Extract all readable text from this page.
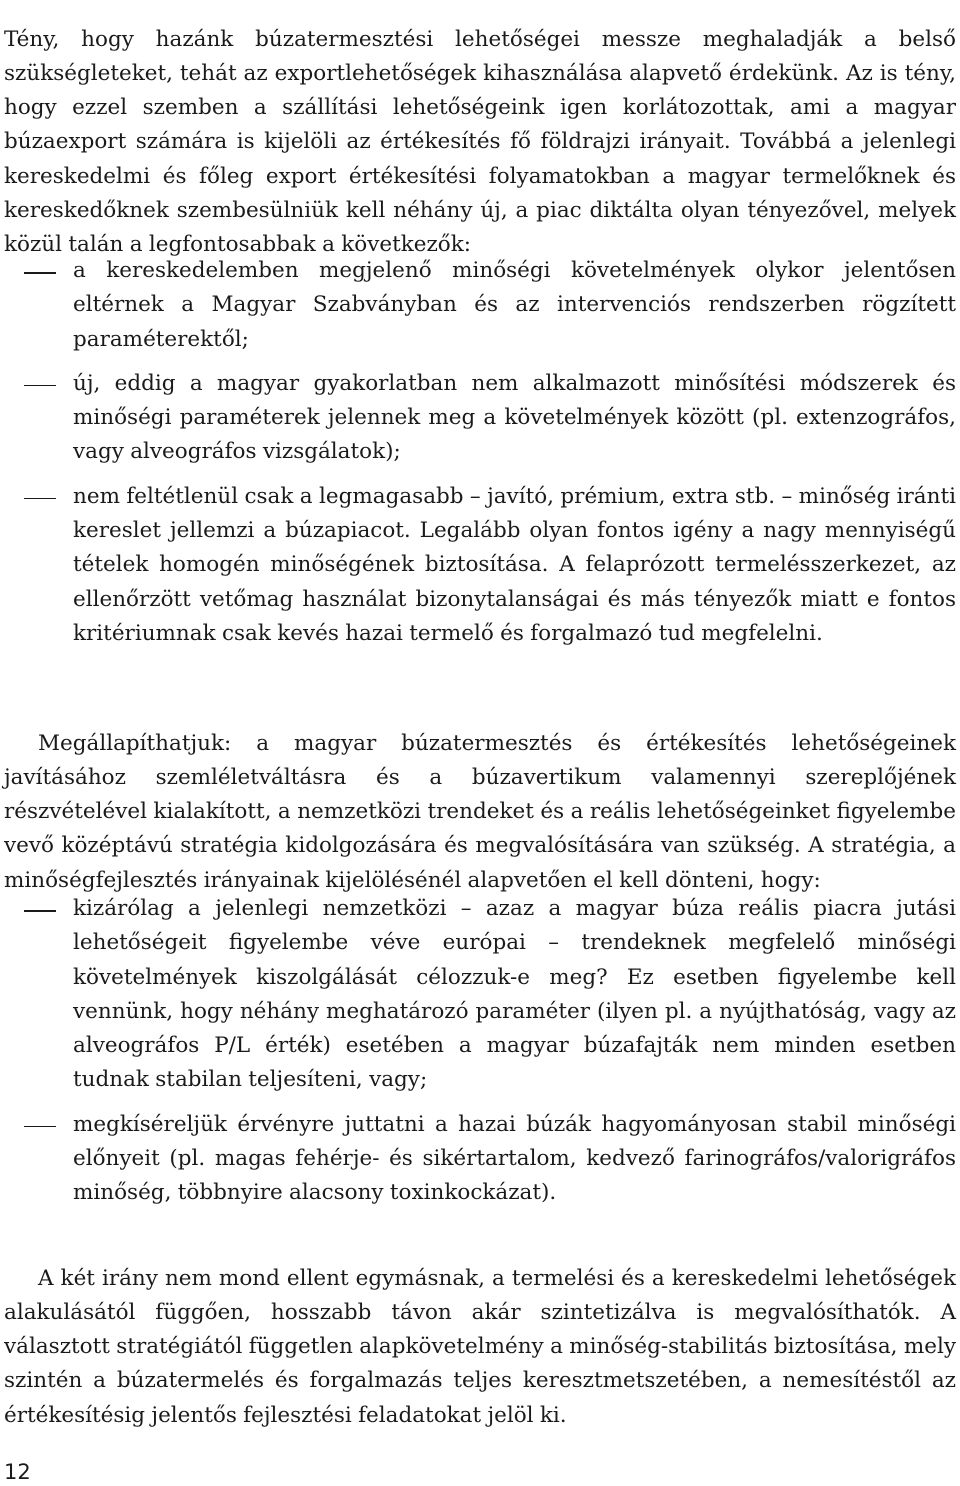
Tény, hogy hazánk búzatermesztési lehetőségei messze meghaladják a belső szükségleteket, tehát az exportlehetőségek kihasználása alapvető érdekünk. Az is tény, hogy ezzel szemben a szállítási lehetőségeink igen korlátozottak, ami a magyar búzaexport számára is kijelöli az értékesítés fő földrajzi irányait. Továbbá a jelenlegi kereskedelmi és főleg export értékesítési folyamatokban a magyar termelőknek és kereskedőknek szembesülniük kell néhány új, a piac diktálta olyan tényezővel, melyek közül talán a legfontosabbak a következők:

a kereskedelemben megjelenő minőségi követelmények olykor jelentősen eltérnek a Magyar Szabványban és az intervenciós rendszerben rögzített paraméterektől;
új, eddig a magyar gyakorlatban nem alkalmazott minősítési módszerek és minőségi paraméterek jelennek meg a követelmények között (pl. extenzográfos, vagy alveográfos vizsgálatok);
nem feltétlenül csak a legmagasabb – javító, prémium, extra stb. – minőség iránti kereslet jellemzi a búzapiacot. Legalább olyan fontos igény a nagy mennyiségű tételek homogén minőségének biztosítása. A felaprózott termelésszerkezet, az ellenőrzött vetőmag használat bizonytalanságai és más tényezők miatt e fontos kritériumnak csak kevés hazai termelő és forgalmazó tud megfelelni.

Megállapíthatjuk: a magyar búzatermesztés és értékesítés lehetőségeinek javításához szemléletváltásra és a búzavertikum valamennyi szereplőjének részvételével kialakított, a nemzetközi trendeket és a reális lehetőségeinket figyelembe vevő középtávú stratégia kidolgozására és megvalósítására van szükség. A stratégia, a minőségfejlesztés irányainak kijelölésénél alapvetően el kell dönteni, hogy:

kizárólag a jelenlegi nemzetközi – azaz a magyar búza reális piacra jutási lehetőségeit figyelembe véve európai – trendeknek megfelelő minőségi követelmények kiszolgálását célozzuk-e meg? Ez esetben figyelembe kell vennünk, hogy néhány meghatározó paraméter (ilyen pl. a nyújthatóság, vagy az alveográfos P/L érték) esetében a magyar búzafajták nem minden esetben tudnak stabilan teljesíteni, vagy;
megkíséreljük érvényre juttatni a hazai búzák hagyományosan stabil minőségi előnyeit (pl. magas fehérje- és sikértartalom, kedvező farinográfos/valorigráfos minőség, többnyire alacsony toxinkockázat).

A két irány nem mond ellent egymásnak, a termelési és a kereskedelmi lehetőségek alakulásától függően, hosszabb távon akár szintetizálva is megvalósíthatók. A választott stratégiától független alapkövetelmény a minőség-stabilitás biztosítása, mely szintén a búzatermelés és forgalmazás teljes keresztmetszetében, a nemesítéstől az értékesítésig jelentős fejlesztési feladatokat jelöl ki.

12
